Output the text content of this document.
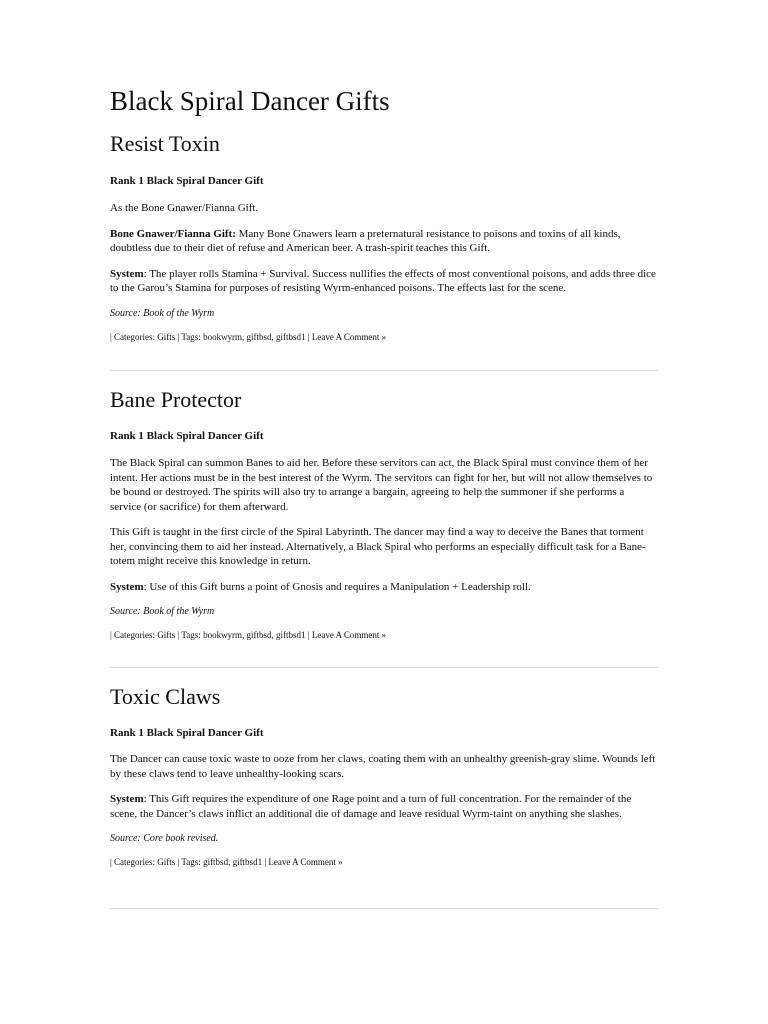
Black Spiral Dancer Gifts
Resist Toxin

Rank 1 Black Spiral Dancer Gift

As the Bone Gnawer/Fianna Gift.

Bone Gnawer/Fianna Gift: Many Bone Gnawers learn a preternatural resistance to poisons and toxins of all kinds, doubtless due to their diet of refuse and American beer. A trash-spirit teaches this Gift.

System: The player rolls Stamina + Survival. Success nullifies the effects of most conventional poisons, and adds three dice to the Garou’s Stamina for purposes of resisting Wyrm-enhanced poisons. The effects last for the scene.

Source: Book of the Wyrm

| Categories: Gifts | Tags: bookwyrm, giftbsd, giftbsd1 | Leave A Comment »

Bane Protector

Rank 1 Black Spiral Dancer Gift

The Black Spiral can summon Banes to aid her. Before these servitors can act, the Black Spiral must convince them of her intent. Her actions must be in the best interest of the Wyrm. The servitors can fight for her, but will not allow themselves to be bound or destroyed. The spirits will also try to arrange a bargain, agreeing to help the summoner if she performs a service (or sacrifice) for them afterward.

This Gift is taught in the first circle of the Spiral Labyrinth. The dancer may find a way to deceive the Banes that torment her, convincing them to aid her instead. Alternatively, a Black Spiral who performs an especially difficult task for a Bane-totem might receive this knowledge in return.

System: Use of this Gift burns a point of Gnosis and requires a Manipulation + Leadership roll.

Source: Book of the Wyrm

| Categories: Gifts | Tags: bookwyrm, giftbsd, giftbsd1 | Leave A Comment »

Toxic Claws

Rank 1 Black Spiral Dancer Gift

The Dancer can cause toxic waste to ooze from her claws, coating them with an unhealthy greenish-gray slime. Wounds left by these claws tend to leave unhealthy-looking scars.

System: This Gift requires the expenditure of one Rage point and a turn of full concentration. For the remainder of the scene, the Dancer’s claws inflict an additional die of damage and leave residual Wyrm-taint on anything she slashes.

Source: Core book revised.

| Categories: Gifts | Tags: giftbsd, giftbsd1 | Leave A Comment »
